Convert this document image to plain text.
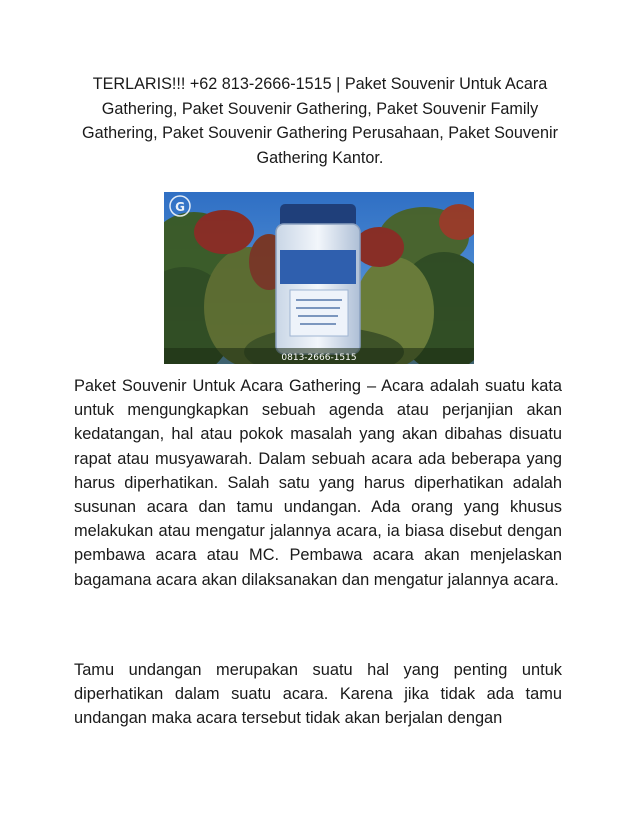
TERLARIS!!! +62 813-2666-1515 | Paket Souvenir Untuk Acara Gathering, Paket Souvenir Gathering, Paket Souvenir Family Gathering, Paket Souvenir Gathering Perusahaan, Paket Souvenir Gathering Kantor.

G
0813-2666-1515

Paket Souvenir Untuk Acara Gathering – Acara adalah suatu kata untuk mengungkapkan sebuah agenda atau perjanjian akan kedatangan, hal atau pokok masalah yang akan dibahas disuatu rapat atau musyawarah. Dalam sebuah acara ada beberapa yang harus diperhatikan. Salah satu yang harus diperhatikan adalah susunan acara dan tamu undangan. Ada orang yang khusus melakukan atau mengatur jalannya acara, ia biasa disebut dengan pembawa acara atau MC. Pembawa acara akan menjelaskan bagamana acara akan dilaksanakan dan mengatur jalannya acara.

Tamu undangan merupakan suatu hal yang penting untuk diperhatikan dalam suatu acara. Karena jika tidak ada tamu undangan maka acara tersebut tidak akan berjalan dengan
